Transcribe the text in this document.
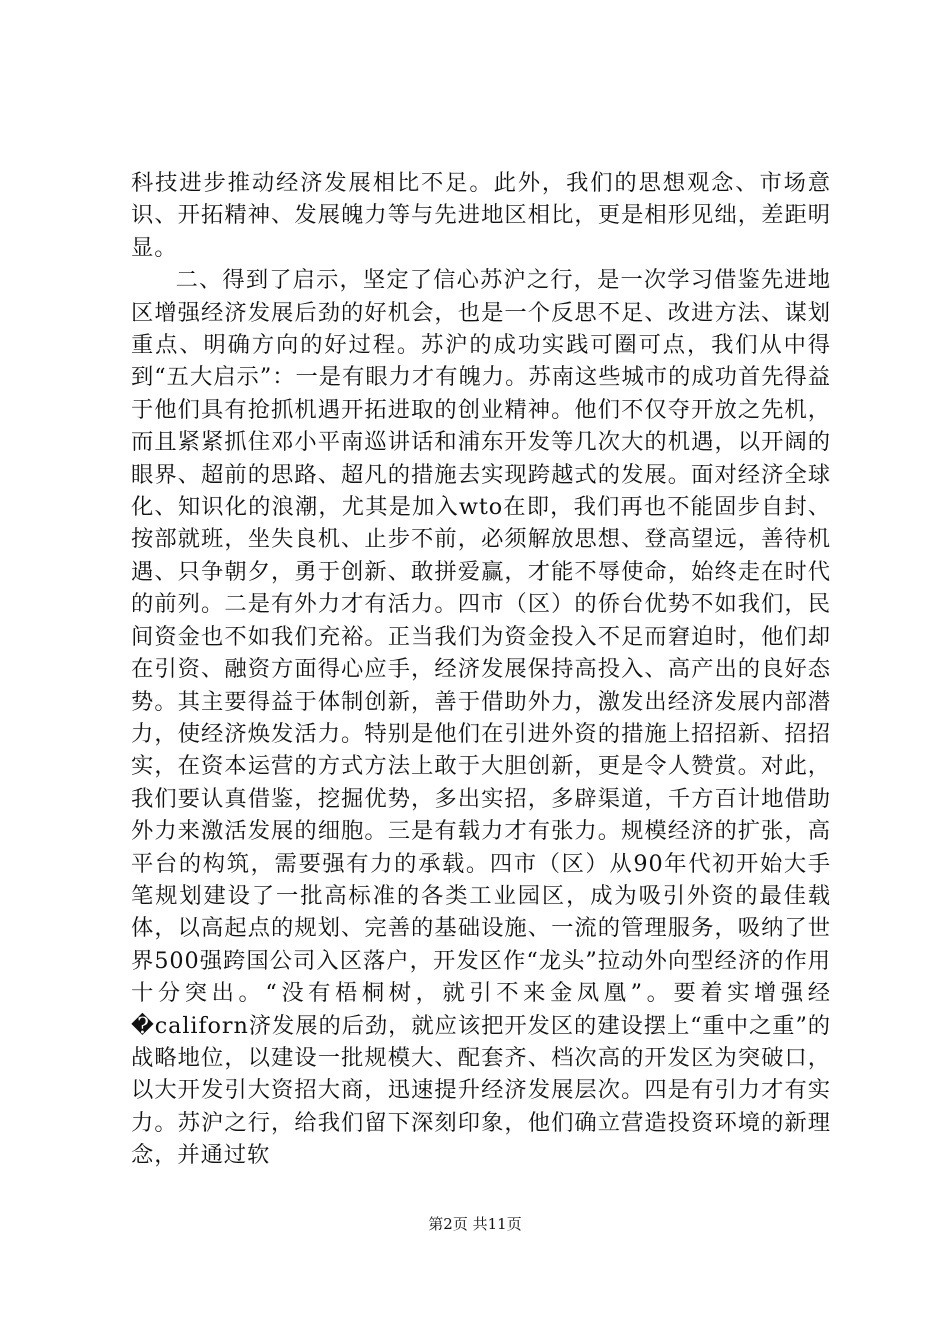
科技进步推动经济发展相比不足。此外，我们的思想观念、市场意识、开拓精神、发展魄力等与先进地区相比，更是相形见绌，差距明显。

二、得到了启示，坚定了信心苏沪之行，是一次学习借鉴先进地区增强经济发展后劲的好机会，也是一个反思不足、改进方法、谋划重点、明确方向的好过程。苏沪的成功实践可圈可点，我们从中得到“五大启示”：一是有眼力才有魄力。苏南这些城市的成功首先得益于他们具有抢抓机遇开拓进取的创业精神。他们不仅夺开放之先机，而且紧紧抓住邓小平南巡讲话和浦东开发等几次大的机遇，以开阔的眼界、超前的思路、超凡的措施去实现跨越式的发展。面对经济全球化、知识化的浪潮，尤其是加入wto在即，我们再也不能固步自封、按部就班，坐失良机、止步不前，必须解放思想、登高望远，善待机遇、只争朝夕，勇于创新、敢拼爱赢，才能不辱使命，始终走在时代的前列。二是有外力才有活力。四市（区）的侨台优势不如我们，民间资金也不如我们充裕。正当我们为资金投入不足而窘迫时，他们却在引资、融资方面得心应手，经济发展保持高投入、高产出的良好态势。其主要得益于体制创新，善于借助外力，激发出经济发展内部潜力，使经济焕发活力。特别是他们在引进外资的措施上招招新、招招实，在资本运营的方式方法上敢于大胆创新，更是令人赞赏。对此，我们要认真借鉴，挖掘优势，多出实招，多辟渠道，千方百计地借助外力来激活发展的细胞。三是有载力才有张力。规模经济的扩张，高平台的构筑，需要强有力的承载。四市（区）从90年代初开始大手笔规划建设了一批高标准的各类工业园区，成为吸引外资的最佳载体，以高起点的规划、完善的基础设施、一流的管理服务，吸纳了世界500强跨国公司入区落户，开发区作“龙头”拉动外向型经济的作用十分突出。“没有梧桐树，就引不来金凤凰”。要着实增强经�californ济发展的后劲，就应该把开发区的建设摆上“重中之重”的战略地位，以建设一批规模大、配套齐、档次高的开发区为突破口，以大开发引大资招大商，迅速提升经济发展层次。四是有引力才有实力。苏沪之行，给我们留下深刻印象，他们确立营造投资环境的新理念，并通过软

第2页 共11页
